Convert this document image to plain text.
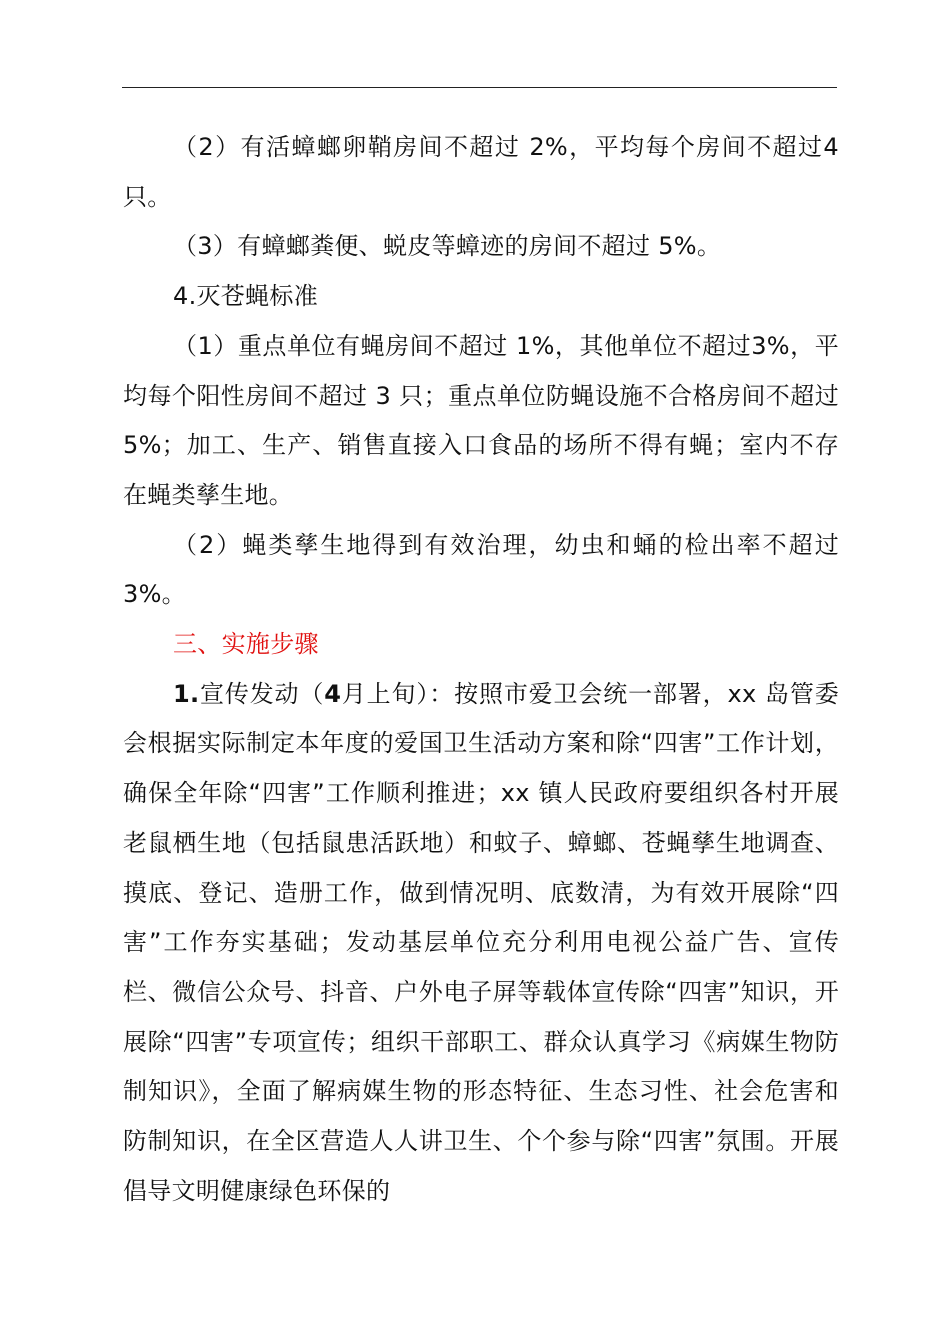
（2）有活蟑螂卵鞘房间不超过 2%，平均每个房间不超过4只。

（3）有蟑螂粪便、蜕皮等蟑迹的房间不超过 5%。

4.灭苍蝇标准

（1）重点单位有蝇房间不超过 1%，其他单位不超过3%，平均每个阳性房间不超过 3 只；重点单位防蝇设施不合格房间不超过 5%；加工、生产、销售直接入口食品的场所不得有蝇；室内不存在蝇类孳生地。

（2）蝇类孳生地得到有效治理，幼虫和蛹的检出率不超过3%。

三、实施步骤

1.宣传发动（4月上旬）：按照市爱卫会统一部署，xx 岛管委会根据实际制定本年度的爱国卫生活动方案和除“四害”工作计划，确保全年除“四害”工作顺利推进；xx 镇人民政府要组织各村开展老鼠栖生地（包括鼠患活跃地）和蚊子、蟑螂、苍蝇孳生地调查、摸底、登记、造册工作，做到情况明、底数清，为有效开展除“四害”工作夯实基础；发动基层单位充分利用电视公益广告、宣传栏、微信公众号、抖音、户外电子屏等载体宣传除“四害”知识，开展除“四害”专项宣传；组织干部职工、群众认真学习《病媒生物防制知识》，全面了解病媒生物的形态特征、生态习性、社会危害和防制知识，在全区营造人人讲卫生、个个参与除“四害”氛围。开展倡导文明健康绿色环保的
